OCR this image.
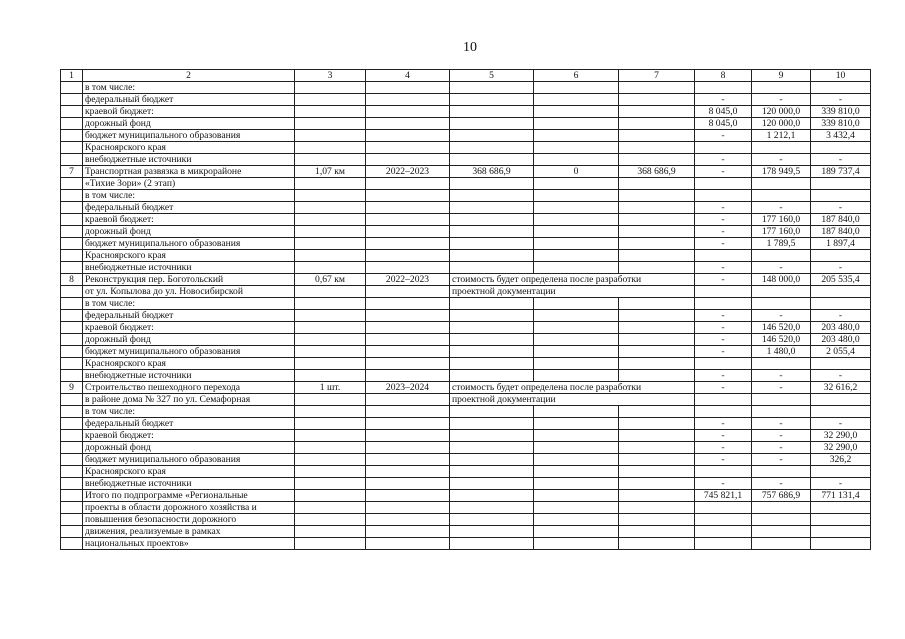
10
1	2	3	4	5	6	7	8	9	10
	в том числе:								
	федеральный бюджет						-	-	-
	краевой бюджет:						8 045,0	120 000,0	339 810,0
	дорожный фонд						8 045,0	120 000,0	339 810,0
	бюджет муниципального образования						-	1 212,1	3 432,4
	Красноярского края								
	внебюджетные источники						-	-	-
7	Транспортная развязка в микрорайоне	1,07 км	2022–2023	368 686,9	0	368 686,9	-	178 949,5	189 737,4
	«Тихие Зори» (2 этап)								
	в том числе:								
	федеральный бюджет						-	-	-
	краевой бюджет:						-	177 160,0	187 840,0
	дорожный фонд						-	177 160,0	187 840,0
	бюджет муниципального образования						-	1 789,5	1 897,4
	Красноярского края								
	внебюджетные источники						-	-	-
8	Реконструкция пер. Боготольский	0,67 км	2022–2023	стоимость будет определена после разработки			-	148 000,0	205 535,4
	от ул. Копылова до ул. Новосибирской			проектной документации					
	в том числе:								
	федеральный бюджет						-	-	-
	краевой бюджет:						-	146 520,0	203 480,0
	дорожный фонд						-	146 520,0	203 480,0
	бюджет муниципального образования						-	1 480,0	2 055,4
	Красноярского края								
	внебюджетные источники						-	-	-
9	Строительство пешеходного перехода	1 шт.	2023–2024	стоимость будет определена после разработки			-	-	32 616,2
	в районе дома № 327 по ул. Семафорная			проектной документации					
	в том числе:								
	федеральный бюджет						-	-	-
	краевой бюджет:						-	-	32 290,0
	дорожный фонд						-	-	32 290,0
	бюджет муниципального образования						-	-	326,2
	Красноярского края								
	внебюджетные источники						-	-	-
	Итого по подпрограмме «Региональные						745 821,1	757 686,9	771 131,4
	проекты в области дорожного хозяйства и								
	повышения безопасности дорожного								
	движения, реализуемые в рамках								
	национальных проектов»								
